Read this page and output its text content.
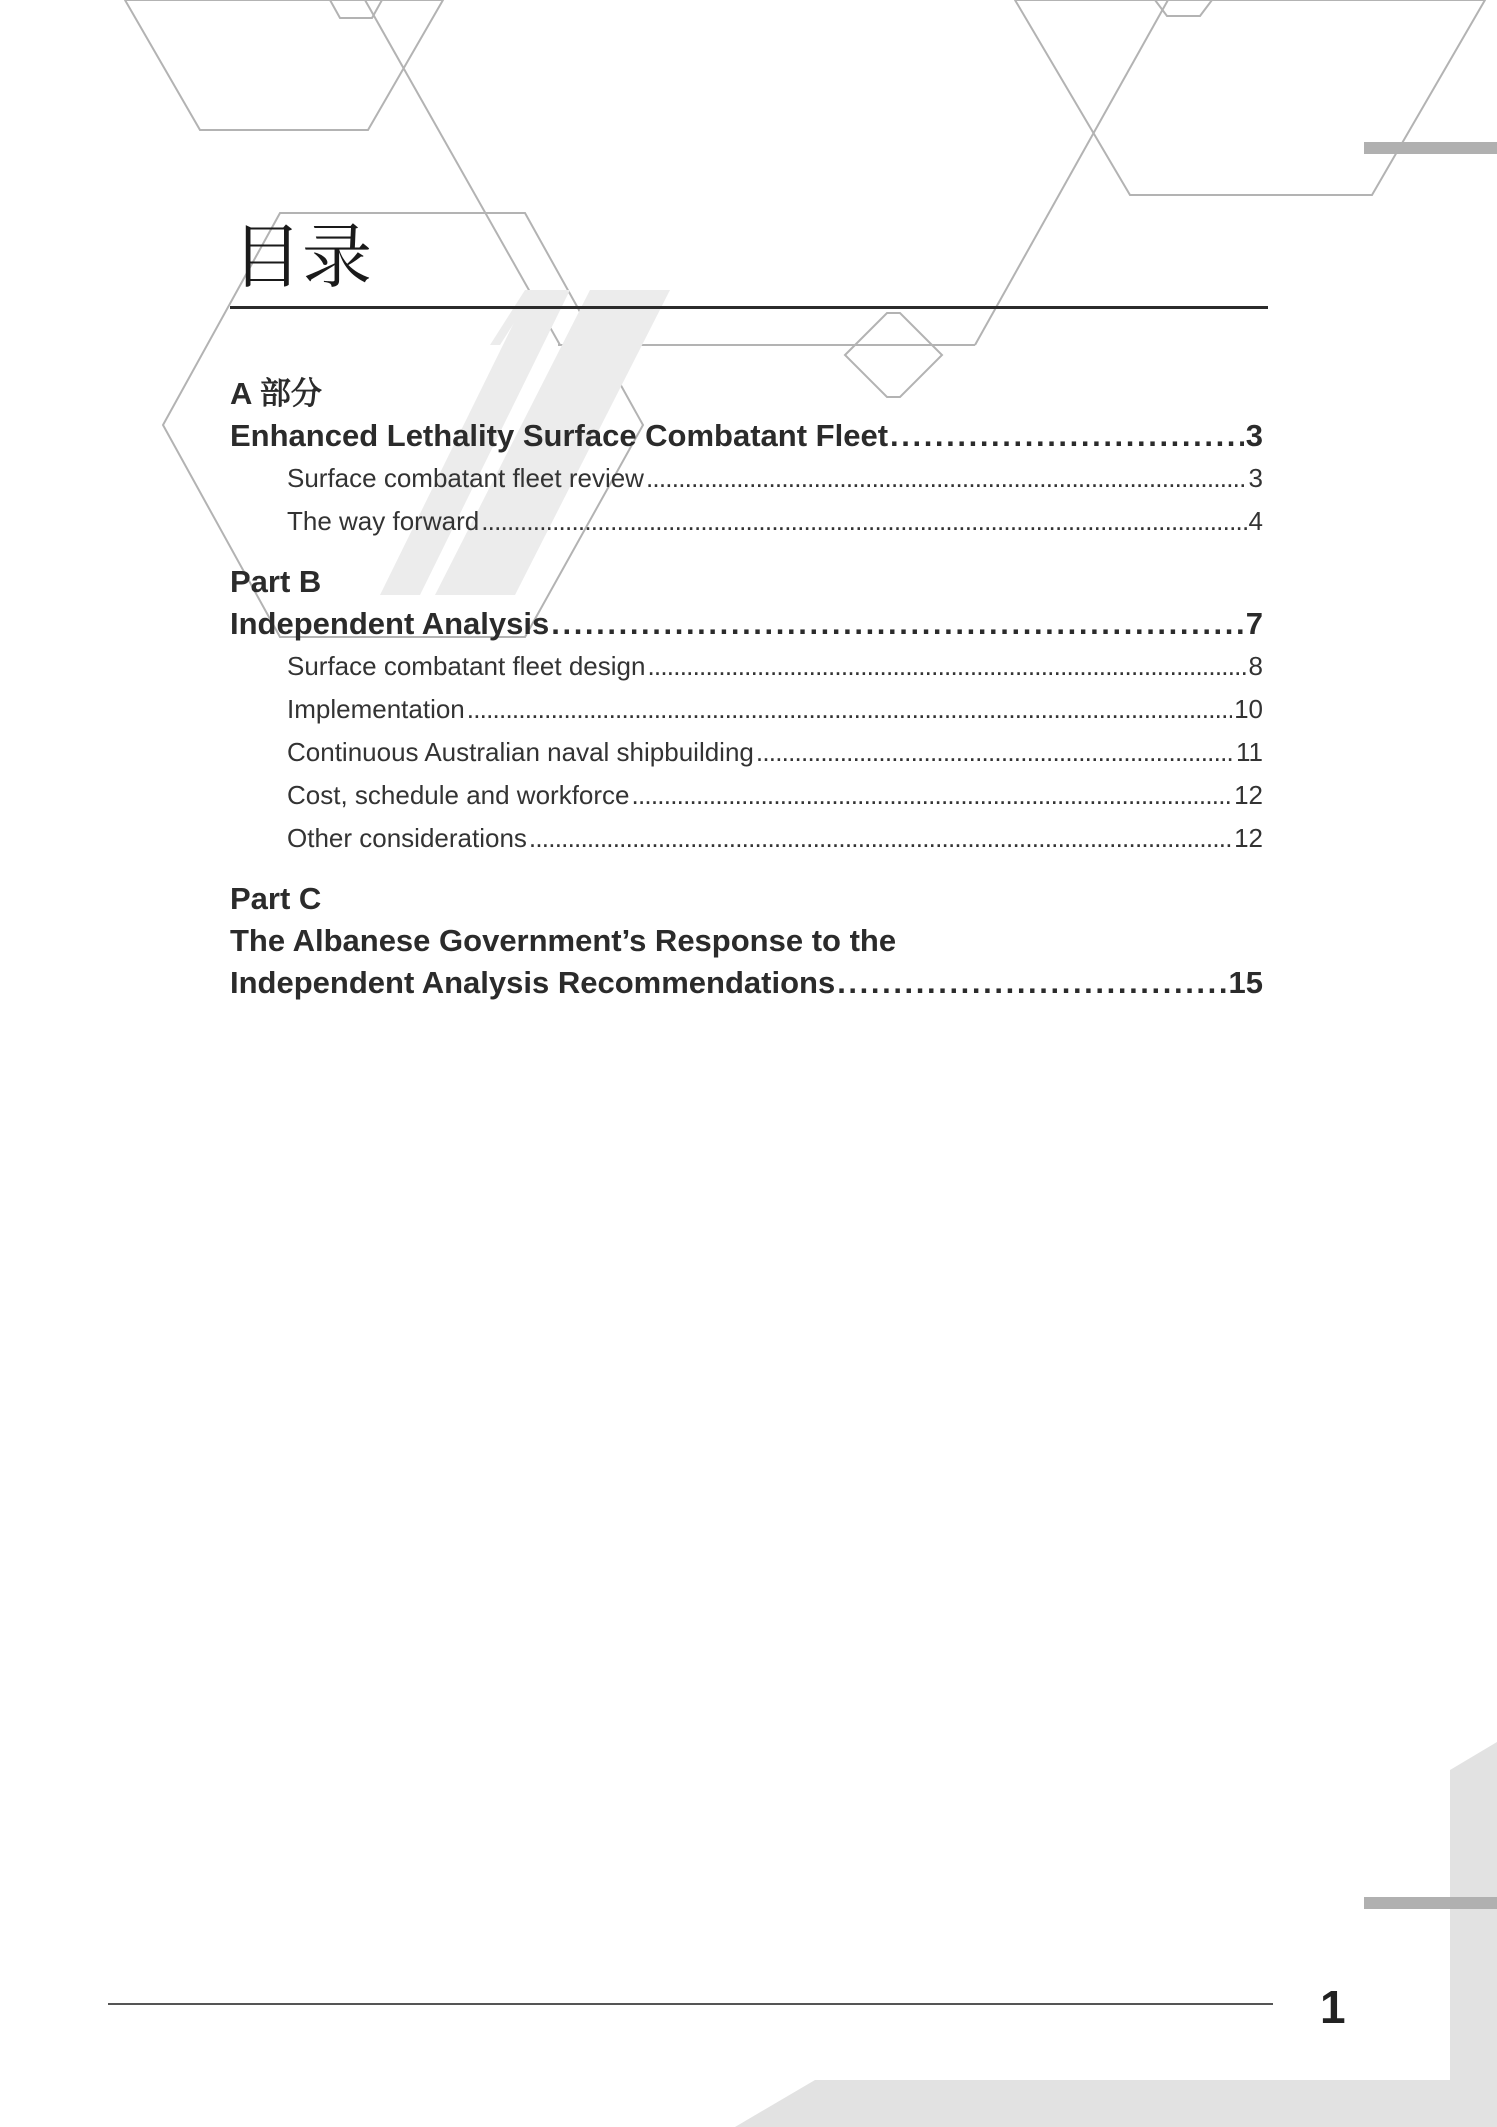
目录
A 部分
Enhanced Lethality Surface Combatant Fleet . . .	3
Surface combatant fleet review . . .	3
The way forward . . .	4
Part B
Independent Analysis . . .	7
Surface combatant fleet design . . .	8
Implementation . . .	10
Continuous Australian naval shipbuilding . . .	11
Cost, schedule and workforce . . .	12
Other considerations . . .	12
Part C
The Albanese Government’s Response to the
Independent Analysis Recommendations . . .	15
1
